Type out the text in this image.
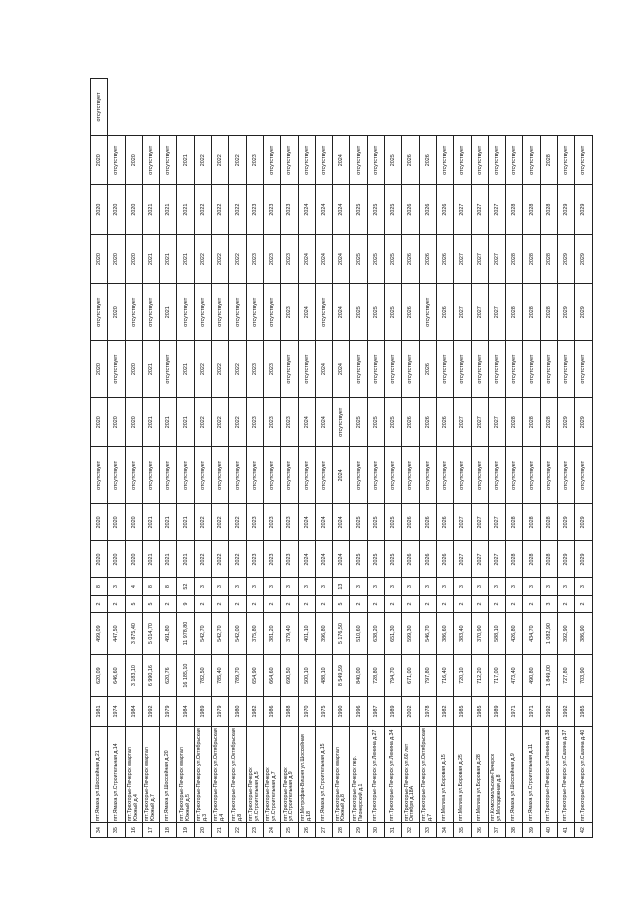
34	пгт.Ямаха ул.Шоссейная д.21	1981	620,09	499,09	2	8	2020	2020	отсутствует	2020	2020	отсутствует	2020	2020	2020	отсутствует
35	пгт.Ямаха ул.Строительная д.14	1974	646,60	447,50	2	3	2020	2020	отсутствует	2020	отсутствует	2020	2020	2020	отсутствует	
16	пгт.Трехгорье-Печерск квартал Южный д.4	1984	3 183,10	3 875,40	5	4	2020	2020	отсутствует	2020	2020	отсутствует	2020	2020	2020	
17	пгт.Трехгорье-Печерск квартал Южный д.7	1992	6 990,16	5 014,70	5	8	2021	2021	отсутствует	2021	2021	отсутствует	2021	2021	отсутствует	
18	пгт.Ямаха ул.Шоссейная д.20	1979	620,76	491,80	2	8	2021	2021	отсутствует	2021	отсутствует	2021	2021	2021	отсутствует	
19	пгт.Трехгорье-Печерск квартал Южный д.5	1984	16 185,10	11 978,80	9	52	2021	2021	отсутствует	2021	2021	отсутствует	2021	2021	2021	
20	пгт.Трехгорье-Печерск ул.Октябрьская д.3	1989	782,50	542,70	2	3	2022	2022	отсутствует	2022	2022	отсутствует	2022	2022	2022	
21	пгт.Трехгорье-Печерск ул.Октябрьская д.4	1979	785,40	542,70	2	3	2022	2022	отсутствует	2022	2022	отсутствует	2022	2022	2022	
22	пгт.Трехгорье-Печерск ул.Октябрьская д.8	1980	789,70	542,00	2	3	2022	2022	отсутствует	2022	2022	отсутствует	2022	2022	2022	
23	пгт.Трехгорье-Печерск ул.Строительная д.5	1982	654,90	375,80	2	3	2023	2023	отсутствует	2023	2023	отсутствует	2023	2023	2023	
24	пгт.Трехгорье-Печерск ул.Строительная д.7	1986	664,60	381,20	2	3	2023	2023	отсутствует	2023	2023	отсутствует	2023	2023	отсутствует	
25	пгт.Трехгорье-Печерск ул.Строительная д.9	1988	690,50	379,40	2	3	2023	2023	отсутствует	2023	отсутствует	2023	2023	2023	отсутствует	
26	пгт.Митрофан-Вишня ул.Шоссейная д.18	1970	500,10	401,10	2	3	2024	2024	отсутствует	2024	отсутствует	2024	2024	2024	отсутствует	
27	пгт.Ямаха ул.Строительная д.15	1975	488,10	396,80	2	3	2024	2024	отсутствует	2024	2024	отсутствует	2024	2024	отсутствует	
28	пгт.Трехгорье-Печерск квартал Южный д.8	1990	8 549,59	5 176,50	5	13	2024	2024	2024	отсутствует	2024	2024	2024	2024	2024	
29	пгт.Трехгорье-Печерск пер. Пионерский д.1	1996	840,00	510,60	2	3	2025	2025	отсутствует	2025	отсутствует	2025	2025	2025	отсутствует	
30	пгт.Трехгорье-Печерск ул.Ленина д.27	1987	728,80	638,20	2	3	2025	2025	отсутствует	2025	отсутствует	2025	2025	2025	отсутствует	
31	пгт.Трехгорье-Печерск ул.Ленина д.34	1989	794,70	651,30	2	3	2025	2025	отсутствует	2025	отсутствует	2025	2025	2025	2025	
32	пгт.Трехгорье-Печерск ул.60 лет Октября д.18А	2002	671,00	599,30	2	3	2026	2026	отсутствует	2026	отсутствует	2026	2026	2026	2026	
33	пгт.Трехгорье-Печерск ул.Октябрьская д.7	1978	797,80	546,70	2	3	2026	2026	отсутствует	2026	2026	отсутствует	2026	2026	2026	
34	пгт.Мелиха ул.Боровая д.15	1982	716,40	386,60	2	3	2026	2026	отсутствует	2026	отсутствует	2026	2026	2026	отсутствует	
35	пгт.Мелиха ул.Боровая д.25	1985	720,10	383,40	2	3	2027	2027	отсутствует	2027	отсутствует	2027	2027	2027	отсутствует	
36	пгт.Мелиха ул.Боровая д.28	1985	712,20	370,90	2	3	2027	2027	отсутствует	2027	отсутствует	2027	2027	2027	отсутствует	
37	пгт.Комсомольская-Печерск ул.Молодежная д.8	1989	717,00	588,10	2	3	2027	2027	отсутствует	2027	отсутствует	2027	2027	2027	отсутствует	
38	пгт.Ямаха ул.Шоссейная д.9	1971	473,40	426,80	2	3	2028	2028	отсутствует	2028	отсутствует	2028	2028	2028	отсутствует	
39	пгт.Ямаха ул.Строительная д.11	1971	490,80	434,70	2	3	2028	2028	отсутствует	2028	отсутствует	2028	2028	2028	отсутствует	
40	пгт.Трехгорье-Печерск ул.Ленина д.38	1992	1 849,00	1 082,90	3	3	2028	2028	отсутствует	2028	отсутствует	2028	2028	2028	2028	
41	пгт.Трехгорье-Печерск ул.Сазина д.37	1992	727,80	392,90	2	3	2029	2029	отсутствует	2029	отсутствует	2029	2029	2029	отсутствует	
42	пгт.Трехгорье-Печерск ул.Сазина д.40	1985	703,90	386,90	2	3	2029	2029	отсутствует	2029	отсутствует	2029	2029	2029	отсутствует	
